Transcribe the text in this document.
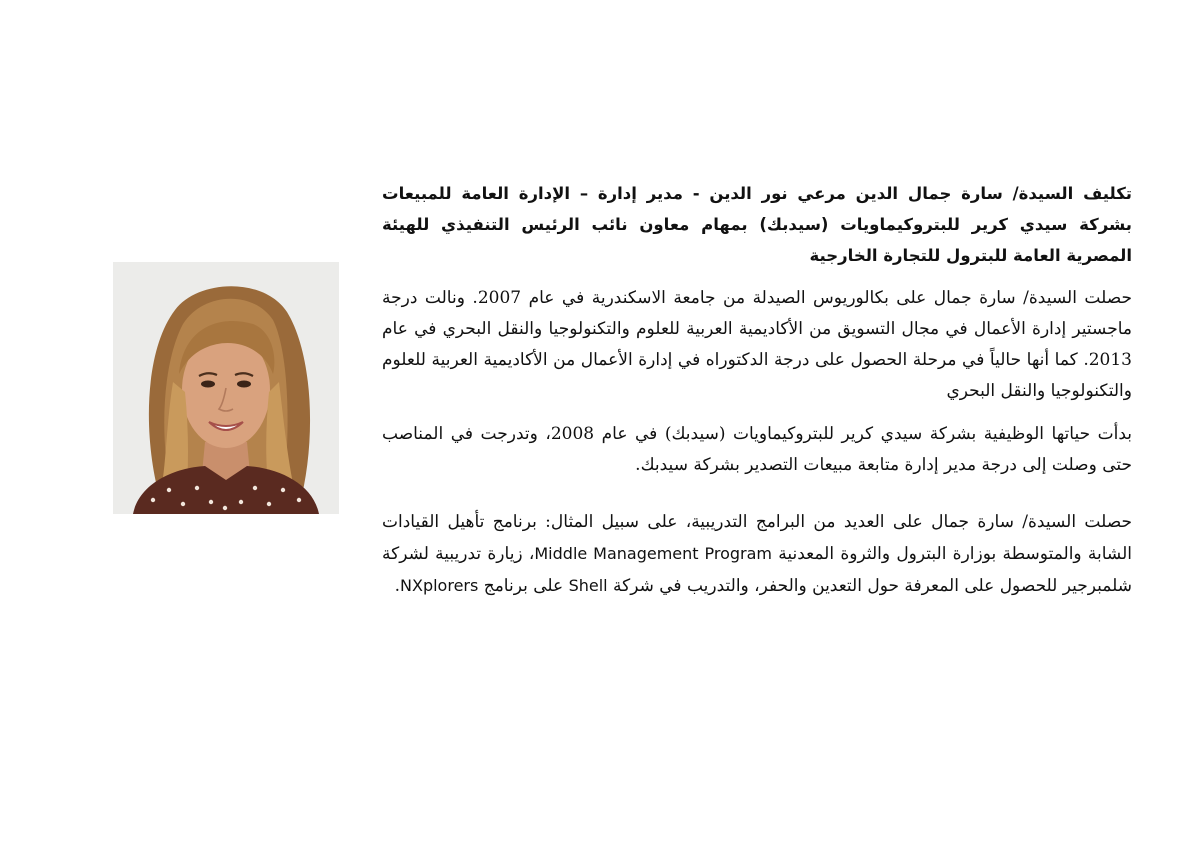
تكليف السيدة/ سارة جمال الدين مرعي نور الدين - مدير إدارة – الإدارة العامة للمبيعات بشركة سيدي كرير للبتروكيماويات (سيدبك) بمهام معاون نائب الرئيس التنفيذي للهيئة المصرية العامة للبترول للتجارة الخارجية

حصلت السيدة/ سارة جمال على بكالوريوس الصيدلة من جامعة الاسكندرية في عام 2007. ونالت درجة ماجستير إدارة الأعمال في مجال التسويق من الأكاديمية العربية للعلوم والتكنولوجيا والنقل البحري في عام 2013. كما أنها حالياً في مرحلة الحصول على درجة الدكتوراه في إدارة الأعمال من الأكاديمية العربية للعلوم والتكنولوجيا والنقل البحري

بدأت حياتها الوظيفية بشركة سيدي كرير للبتروكيماويات (سيدبك) في عام 2008، وتدرجت في المناصب حتى وصلت إلى درجة مدير إدارة متابعة مبيعات التصدير بشركة سيدبك.

حصلت السيدة/ سارة جمال على العديد من البرامج التدريبية، على سبيل المثال: برنامج تأهيل القيادات الشابة والمتوسطة بوزارة البترول والثروة المعدنية Middle Management Program، زيارة تدريبية لشركة شلمبرجير للحصول على المعرفة حول التعدين والحفر، والتدريب في شركة Shell على برنامج NXplorers.
